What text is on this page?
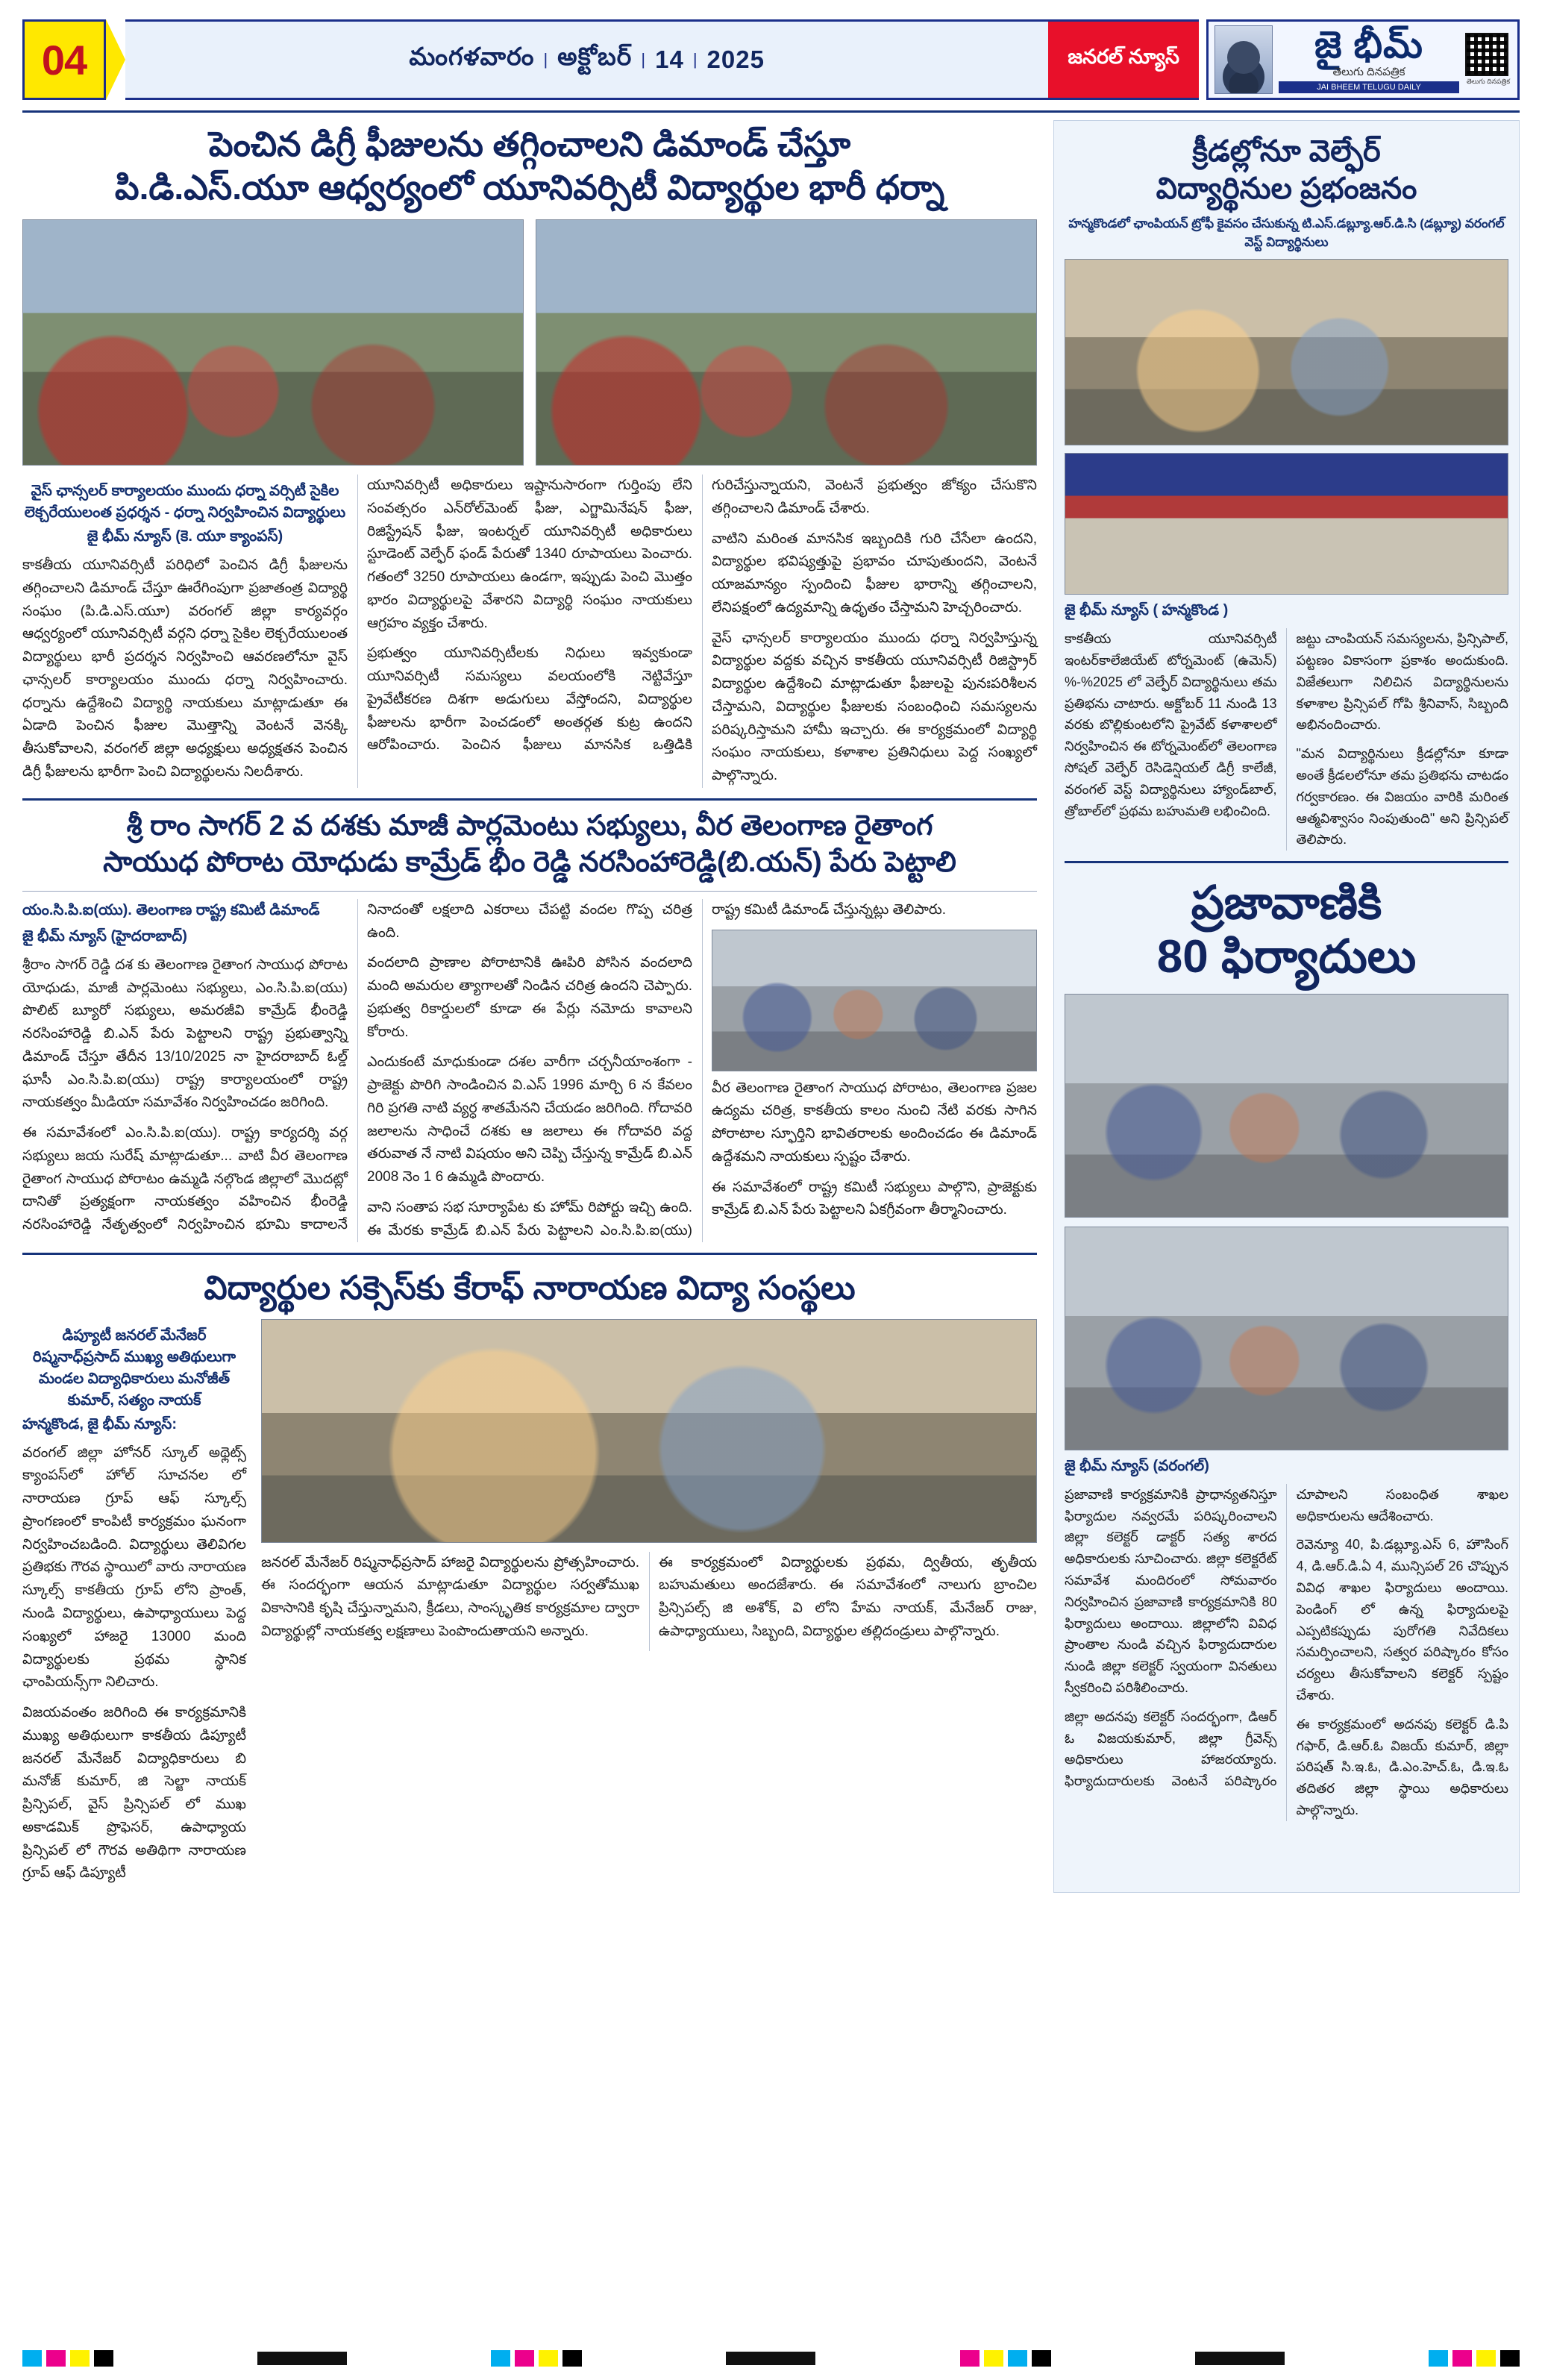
04	మంగళవారం | అక్టోబర్ | 14 | 2025	జనరల్ న్యూస్	జై భీమ్
తెలుగు దినపత్రిక
JAI BHEEM TELUGU DAILY
తెలుగు దినపత్రిక
పెంచిన డిగ్రీ ఫీజులను తగ్గించాలని డిమాండ్ చేస్తూ
పి.డి.ఎస్.యూ ఆధ్వర్యంలో యూనివర్సిటీ విద్యార్థుల భారీ ధర్నా
వైస్ ఛాన్సలర్ కార్యాలయం ముందు ధర్నా వర్సిటీ సైకిల లెక్చరేయులంత ప్రధర్శన - ధర్నా నిర్వహించిన విద్యార్థులు
జై భీమ్ న్యూస్ (కె. యూ క్యాంపస్)

కాకతీయ యూనివర్సిటీ పరిధిలో పెంచిన డిగ్రీ ఫీజులను తగ్గించాలని డిమాండ్ చేస్తూ ఊరేగింపుగా ప్రజాతంత్ర విద్యార్థి సంఘం (పి.డి.ఎస్.యూ) వరంగల్ జిల్లా కార్యవర్గం ఆధ్వర్యంలో యూనివర్సిటీ వర్గని ధర్నా సైకిల లెక్చరేయులంత విద్యార్థులు భారీ ప్రదర్శన నిర్వహించి ఆవరణలోనూ వైస్ ఛాన్సలర్ కార్యాలయం ముందు ధర్నా నిర్వహించారు. ధర్నాను ఉద్దేశించి విద్యార్థి నాయకులు మాట్లాడుతూ ఈ ఏడాది పెంచిన ఫీజుల మొత్తాన్ని వెంటనే వెనక్కి తీసుకోవాలని, వరంగల్ జిల్లా అధ్యక్షులు అధ్యక్షతన పెంచిన డిగ్రీ ఫీజులను భారీగా పెంచి విద్యార్థులను నిలదీశారు.

యూనివర్సిటీ అధికారులు ఇష్టానుసారంగా గుర్తింపు లేని సంవత్సరం ఎన్‌రోల్‌మెంట్ ఫీజు, ఎగ్జామినేషన్ ఫీజు, రిజిస్ట్రేషన్ ఫీజు, ఇంటర్నల్ యూనివర్సిటీ అధికారులు స్టూడెంట్ వెల్ఫేర్ ఫండ్ పేరుతో 1340 రూపాయలు పెంచారు. గతంలో 3250 రూపాయలు ఉండగా, ఇప్పుడు పెంచి మొత్తం భారం విద్యార్థులపై వేశారని విద్యార్థి సంఘం నాయకులు ఆగ్రహం వ్యక్తం చేశారు.

ప్రభుత్వం యూనివర్సిటీలకు నిధులు ఇవ్వకుండా యూనివర్సిటీ సమస్యలు వలయంలోకి నెట్టివేస్తూ ప్రైవేటీకరణ దిశగా అడుగులు వేస్తోందని, విద్యార్థుల ఫీజులను భారీగా పెంచడంలో అంతర్గత కుట్ర ఉందని ఆరోపించారు. పెంచిన ఫీజులు మానసిక ఒత్తిడికి గురిచేస్తున్నాయని, వెంటనే ప్రభుత్వం జోక్యం చేసుకొని తగ్గించాలని డిమాండ్ చేశారు.

వాటిని మరింత మానసిక ఇబ్బందికి గురి చేసేలా ఉందని, విద్యార్థుల భవిష్యత్తుపై ప్రభావం చూపుతుందని, వెంటనే యాజమాన్యం స్పందించి ఫీజుల భారాన్ని తగ్గించాలని, లేనిపక్షంలో ఉద్యమాన్ని ఉధృతం చేస్తామని హెచ్చరించారు.

వైస్ ఛాన్సలర్ కార్యాలయం ముందు ధర్నా నిర్వహిస్తున్న విద్యార్థుల వద్దకు వచ్చిన కాకతీయ యూనివర్సిటీ రిజిస్ట్రార్ విద్యార్థుల ఉద్దేశించి మాట్లాడుతూ ఫీజులపై పునఃపరిశీలన చేస్తామని, విద్యార్థుల ఫీజులకు సంబంధించి సమస్యలను పరిష్కరిస్తామని హామీ ఇచ్చారు. ఈ కార్యక్రమంలో విద్యార్థి సంఘం నాయకులు, కళాశాల ప్రతినిధులు పెద్ద సంఖ్యలో పాల్గొన్నారు.

శ్రీ రాం సాగర్ 2 వ దశకు మాజీ పార్లమెంటు సభ్యులు, వీర తెలంగాణ రైతాంగ
సాయుధ పోరాట యోధుడు కామ్రేడ్ భీం రెడ్డి నరసింహారెడ్డి(బి.యన్) పేరు పెట్టాలి
యం.సి.పి.ఐ(యు). తెలంగాణ రాష్ట్ర కమిటీ డిమాండ్
జై భీమ్ న్యూస్ (హైదరాబాద్)

శ్రీరాం సాగర్ రెడ్డి దశ కు తెలంగాణ రైతాంగ సాయుధ పోరాట యోధుడు, మాజీ పార్లమెంటు సభ్యులు, ఎం.సి.పి.ఐ(యు) పొలిట్ బ్యూరో సభ్యులు, అమరజీవి కామ్రేడ్ భీంరెడ్డి నరసింహారెడ్డి బి.ఎన్ పేరు పెట్టాలని రాష్ట్ర ప్రభుత్వాన్ని డిమాండ్ చేస్తూ తేదీన 13/10/2025 నా హైదరాబాద్ ఓల్డ్ ఘాసీ ఎం.సి.పి.ఐ(యు) రాష్ట్ర కార్యాలయంలో రాష్ట్ర నాయకత్వం మీడియా సమావేశం నిర్వహించడం జరిగింది.

ఈ సమావేశంలో ఎం.సి.పి.ఐ(యు). రాష్ట్ర కార్యదర్శి వర్గ సభ్యులు జయ సురేష్ మాట్లాడుతూ... వాటి వీర తెలంగాణ రైతాంగ సాయుధ పోరాటం ఉమ్మడి నల్గొండ జిల్లాలో మొదట్లో దానితో ప్రత్యక్షంగా నాయకత్వం వహించిన భీంరెడ్డి నరసింహారెడ్డి నేతృత్వంలో నిర్వహించిన భూమి కాదాలనే నినాదంతో లక్షలాది ఎకరాలు చేపట్టి వందల గొప్ప చరిత్ర ఉంది.

వందలాది ప్రాణాల పోరాటానికి ఊపిరి పోసిన వందలాది మంది అమరుల త్యాగాలతో నిండిన చరిత్ర ఉందని చెప్పారు. ప్రభుత్వ రికార్డులలో కూడా ఈ పేర్లు నమోదు కావాలని కోరారు.

ఎందుకంటే మాధుకుండా దశల వారీగా చర్చనీయాంశంగా - ప్రాజెక్టు పొరిగి సాండించిన వి.ఎస్ 1996 మార్చి 6 న కేవలం గిరి ప్రగతి నాటి వ్యర్ధ శాతమేనని చేయడం జరిగింది. గోదావరి జలాలను సాధించే దశకు ఆ జలాలు ఈ గోదావరి వద్ద తరువాత నే నాటి విషయం అని చెప్పి చేస్తున్న కామ్రేడ్ బి.ఎన్ 2008 నెం 1 6 ఉమ్మడి పొందారు.

వాని సంతాప సభ సూర్యాపేట కు హోమ్ రిపోర్టు ఇచ్చి ఉంది. ఈ మేరకు కామ్రేడ్ బి.ఎన్ పేరు పెట్టాలని ఎం.సి.పి.ఐ(యు) రాష్ట్ర కమిటీ డిమాండ్ చేస్తున్నట్లు తెలిపారు.

వీర తెలంగాణ రైతాంగ సాయుధ పోరాటం, తెలంగాణ ప్రజల ఉద్యమ చరిత్ర, కాకతీయ కాలం నుంచి నేటి వరకు సాగిన పోరాటాల స్ఫూర్తిని భావితరాలకు అందించడం ఈ డిమాండ్ ఉద్దేశమని నాయకులు స్పష్టం చేశారు.

ఈ సమావేశంలో రాష్ట్ర కమిటీ సభ్యులు పాల్గొని, ప్రాజెక్టుకు కామ్రేడ్ బి.ఎన్ పేరు పెట్టాలని ఏకగ్రీవంగా తీర్మానించారు.

విద్యార్థుల సక్సెస్‌కు కేరాఫ్ నారాయణ విద్యా సంస్థలు
డిప్యూటీ జనరల్ మేనేజర్ రిష్మనాధ్‌ప్రసాద్ ముఖ్య అతిథులుగా మండల విద్యాధికారులు మనోజీత్ కుమార్, సత్యం నాయక్
హన్మకొండ, జై భీమ్ న్యూస్:

వరంగల్ జిల్లా హోనర్ స్కూల్ అథ్లెట్స్ క్యాంపస్‌లో హోల్ సూచనల లో నారాయణ గ్రూప్ ఆఫ్ స్కూల్స్ ప్రాంగణంలో కాంపిటీ కార్యక్రమం ఘనంగా నిర్వహించబడింది. విద్యార్థులు తెలివిగల ప్రతిభకు గౌరవ స్థాయిలో వారు నారాయణ స్కూల్స్ కాకతీయ గ్రూప్ లోని ప్రాంత్, నుండి విద్యార్థులు, ఉపాధ్యాయులు పెద్ద సంఖ్యలో హాజరై 13000 మంది విద్యార్థులకు ప్రథమ స్థానిక ఛాంపియన్స్‌గా నిలిచారు.

విజయవంతం జరిగింది ఈ కార్యక్రమానికి ముఖ్య అతిథులుగా కాకతీయ డిప్యూటీ జనరల్ మేనేజర్ విద్యాధికారులు బి మనోజ్ కుమార్, జి సెల్జా నాయక్ ప్రిన్సిపల్, వైస్ ప్రిన్సిపల్ లో ముఖ అకాడమిక్ ప్రొఫెసర్, ఉపాధ్యాయ ప్రిన్సిపల్ లో గౌరవ అతిథిగా నారాయణ గ్రూప్ ఆఫ్ డిప్యూటీ

జనరల్ మేనేజర్ రిష్మనాధ్‌ప్రసాద్ హాజరై విద్యార్థులను ప్రోత్సహించారు. ఈ సందర్భంగా ఆయన మాట్లాడుతూ విద్యార్థుల సర్వతోముఖ వికాసానికి కృషి చేస్తున్నామని, క్రీడలు, సాంస్కృతిక కార్యక్రమాల ద్వారా విద్యార్థుల్లో నాయకత్వ లక్షణాలు పెంపొందుతాయని అన్నారు.

ఈ కార్యక్రమంలో విద్యార్థులకు ప్రథమ, ద్వితీయ, తృతీయ బహుమతులు అందజేశారు. ఈ సమావేశంలో నాలుగు బ్రాంచిల ప్రిన్సిపల్స్ జి అశోక్, వి లోని హేమ నాయక్, మేనేజర్ రాజు, ఉపాధ్యాయులు, సిబ్బంది, విద్యార్థుల తల్లిదండ్రులు పాల్గొన్నారు.

క్రీడల్లోనూ వెల్ఫేర్
విద్యార్థినుల ప్రభంజనం
హన్మకొండలో ఛాంపియన్ ట్రోఫీ కైవసం చేసుకున్న టి.ఎస్.డబ్ల్యూ.ఆర్.డి.సి (డబ్ల్యూ) వరంగల్ వెస్ట్ విద్యార్థినులు
జై భీమ్ న్యూస్ ( హన్మకొండ )

కాకతీయ యూనివర్సిటీ ఇంటర్‌కాలేజియేట్ టోర్నమెంట్ (ఉమెన్) %-%2025 లో వెల్ఫేర్ విద్యార్థినులు తమ ప్రతిభను చాటారు. అక్టోబర్ 11 నుండి 13 వరకు బొల్లికుంటలోని ప్రైవేట్ కళాశాలలో నిర్వహించిన ఈ టోర్నమెంట్‌లో తెలంగాణ సోషల్ వెల్ఫేర్ రెసిడెన్షియల్ డిగ్రీ కాలేజీ, వరంగల్ వెస్ట్ విద్యార్థినులు హ్యాండ్‌బాల్, త్రోబాల్‌లో ప్రథమ బహుమతి లభించింది.

జట్టు చాంపియన్ సమస్యలను, ప్రిన్సిపాల్, పట్టణం వికాసంగా ప్రకాశం అందుకుంది. విజేతలుగా నిలిచిన విద్యార్థినులను కళాశాల ప్రిన్సిపల్ గోపి శ్రీనివాస్, సిబ్బంది అభినందించారు.

"మన విద్యార్థినులు క్రీడల్లోనూ కూడా అంతే క్రీడలలోనూ తమ ప్రతిభను చాటడం గర్వకారణం. ఈ విజయం వారికి మరింత ఆత్మవిశ్వాసం నింపుతుంది" అని ప్రిన్సిపల్ తెలిపారు.

ప్రజావాణికి
80 ఫిర్యాదులు
జై భీమ్ న్యూస్ (వరంగల్)

ప్రజావాణి కార్యక్రమానికి ప్రాధాన్యతనిస్తూ ఫిర్యాదుల నవ్వరమే పరిష్కరించాలని జిల్లా కలెక్టర్ డాక్టర్ సత్య శారద అధికారులకు సూచించారు. జిల్లా కలెక్టరేట్ సమావేశ మందిరంలో సోమవారం నిర్వహించిన ప్రజావాణి కార్యక్రమానికి 80 ఫిర్యాదులు అందాయి. జిల్లాలోని వివిధ ప్రాంతాల నుండి వచ్చిన ఫిర్యాదుదారుల నుండి జిల్లా కలెక్టర్ స్వయంగా వినతులు స్వీకరించి పరిశీలించారు.

జిల్లా అదనపు కలెక్టర్ సందర్భంగా, డిఆర్ ఓ విజయకుమార్, జిల్లా గ్రీవెన్స్ అధికారులు హాజరయ్యారు. ఫిర్యాదుదారులకు వెంటనే పరిష్కారం చూపాలని సంబంధిత శాఖల అధికారులను ఆదేశించారు.

రెవెన్యూ 40, పి.డబ్ల్యూ.ఎస్ 6, హౌసింగ్ 4, డి.ఆర్.డి.ఏ 4, మున్సిపల్ 26 చొప్పున వివిధ శాఖల ఫిర్యాదులు అందాయి. పెండింగ్ లో ఉన్న ఫిర్యాదులపై ఎప్పటికప్పుడు పురోగతి నివేదికలు సమర్పించాలని, సత్వర పరిష్కారం కోసం చర్యలు తీసుకోవాలని కలెక్టర్ స్పష్టం చేశారు.

ఈ కార్యక్రమంలో అదనపు కలెక్టర్ డి.పి గఫార్, డి.ఆర్.ఓ విజయ్ కుమార్, జిల్లా పరిషత్ సి.ఇ.ఓ, డి.ఎం.హెచ్.ఓ, డి.ఇ.ఓ తదితర జిల్లా స్థాయి అధికారులు పాల్గొన్నారు.
